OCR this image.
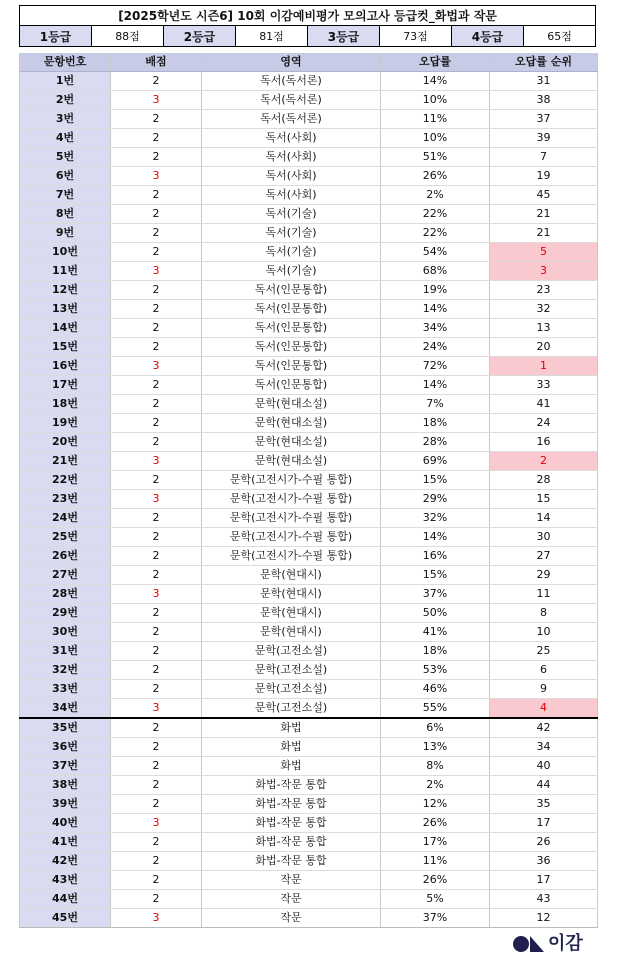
[2025학년도 시즌6] 10회 이감예비평가 모의고사 등급컷_화법과 작문
1등급	88점	2등급	81점	3등급	73점	4등급	65점
문항번호	배점	영역	오답률	오답률 순위
1번	2	독서(독서론)	14%	31
2번	3	독서(독서론)	10%	38
3번	2	독서(독서론)	11%	37
4번	2	독서(사회)	10%	39
5번	2	독서(사회)	51%	7
6번	3	독서(사회)	26%	19
7번	2	독서(사회)	2%	45
8번	2	독서(기술)	22%	21
9번	2	독서(기술)	22%	21
10번	2	독서(기술)	54%	5
11번	3	독서(기술)	68%	3
12번	2	독서(인문통합)	19%	23
13번	2	독서(인문통합)	14%	32
14번	2	독서(인문통합)	34%	13
15번	2	독서(인문통합)	24%	20
16번	3	독서(인문통합)	72%	1
17번	2	독서(인문통합)	14%	33
18번	2	문학(현대소설)	7%	41
19번	2	문학(현대소설)	18%	24
20번	2	문학(현대소설)	28%	16
21번	3	문학(현대소설)	69%	2
22번	2	문학(고전시가-수필 통합)	15%	28
23번	3	문학(고전시가-수필 통합)	29%	15
24번	2	문학(고전시가-수필 통합)	32%	14
25번	2	문학(고전시가-수필 통합)	14%	30
26번	2	문학(고전시가-수필 통합)	16%	27
27번	2	문학(현대시)	15%	29
28번	3	문학(현대시)	37%	11
29번	2	문학(현대시)	50%	8
30번	2	문학(현대시)	41%	10
31번	2	문학(고전소설)	18%	25
32번	2	문학(고전소설)	53%	6
33번	2	문학(고전소설)	46%	9
34번	3	문학(고전소설)	55%	4
35번	2	화법	6%	42
36번	2	화법	13%	34
37번	2	화법	8%	40
38번	2	화법-작문 통합	2%	44
39번	2	화법-작문 통합	12%	35
40번	3	화법-작문 통합	26%	17
41번	2	화법-작문 통합	17%	26
42번	2	화법-작문 통합	11%	36
43번	2	작문	26%	17
44번	2	작문	5%	43
45번	3	작문	37%	12
이감
